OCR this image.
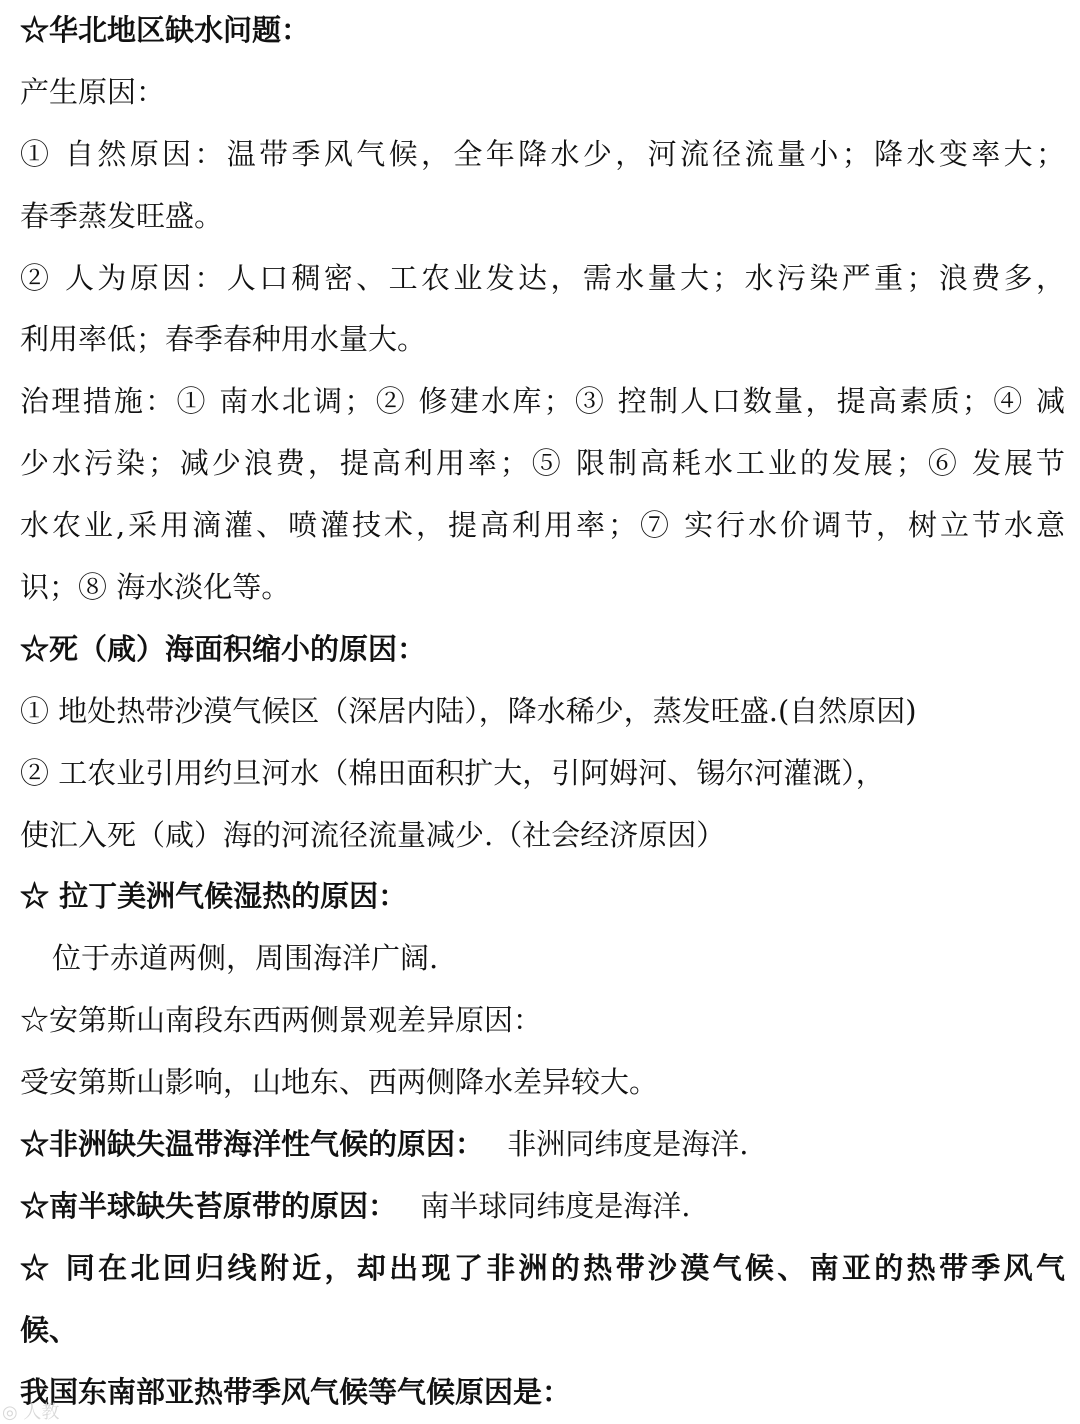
☆华北地区缺水问题：
产生原因：
① 自然原因：温带季风气候，全年降水少，河流径流量小；降水变率大；
春季蒸发旺盛。
② 人为原因：人口稠密、工农业发达，需水量大；水污染严重；浪费多，
利用率低；春季春种用水量大。
治理措施：① 南水北调；② 修建水库；③ 控制人口数量，提高素质；④ 减
少水污染；减少浪费，提高利用率；⑤ 限制高耗水工业的发展；⑥ 发展节
水农业,采用滴灌、喷灌技术，提高利用率；⑦ 实行水价调节，树立节水意
识；⑧ 海水淡化等。
☆死（咸）海面积缩小的原因：
① 地处热带沙漠气候区（深居内陆），降水稀少，蒸发旺盛.(自然原因)
② 工农业引用约旦河水（棉田面积扩大，引阿姆河、锡尔河灌溉），
使汇入死（咸）海的河流径流量减少.（社会经济原因）
☆ 拉丁美洲气候湿热的原因：
位于赤道两侧，周围海洋广阔.
☆安第斯山南段东西两侧景观差异原因：
受安第斯山影响，山地东、西两侧降水差异较大。
☆非洲缺失温带海洋性气候的原因： 非洲同纬度是海洋.
☆南半球缺失苔原带的原因： 南半球同纬度是海洋.
☆ 同在北回归线附近，却出现了非洲的热带沙漠气候、南亚的热带季风气
候、
我国东南部亚热带季风气候等气候原因是：
◎ 人教
